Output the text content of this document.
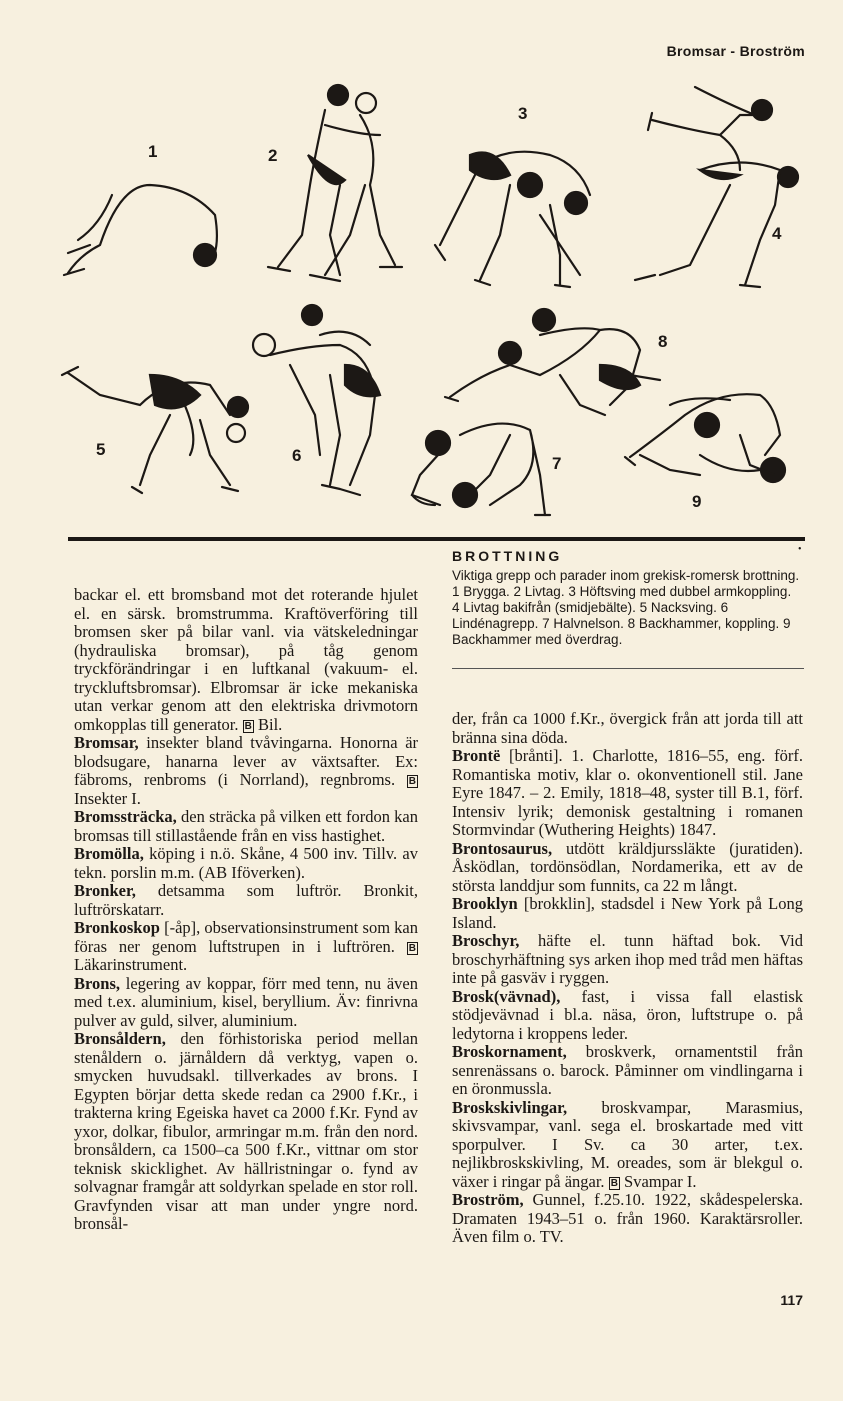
Bromsar - Broström
1	2
3
4
5	6	7
8
9
•
BROTTNING
Viktiga grepp och parader inom grekisk-romersk brottning. 1 Brygga. 2 Livtag. 3 Höftsving med dubbel armkoppling. 4 Livtag bakifrån (smidjebälte). 5 Nacksving. 6 Lindénagrepp. 7 Halvnelson. 8 Backhammer, koppling. 9 Backhammer med överdrag.

backar el. ett bromsband mot det roterande hjulet el. en särsk. bromstrumma. Kraftöverföring till bromsen sker på bilar vanl. via vätskeledningar (hydrauliska bromsar), på tåg genom tryckförändringar i en luftkanal (vakuum- el. tryckluftsbromsar). Elbromsar är icke mekaniska utan verkar genom att den elektriska drivmotorn omkopplas till generator. B Bil.

Bromsar, insekter bland tvåvingarna. Honorna är blodsugare, hanarna lever av växtsafter. Ex: fäbroms, renbroms (i Norrland), regnbroms. B Insekter I.

Bromssträcka, den sträcka på vilken ett fordon kan bromsas till stillastående från en viss hastighet.

Bromölla, köping i n.ö. Skåne, 4 500 inv. Tillv. av tekn. porslin m.m. (AB Iföverken).

Bronker, detsamma som luftrör. Bronkit, luftrörskatarr.

Bronkoskop [-åp], observationsinstrument som kan föras ner genom luftstrupen in i luftrören. B Läkarinstrument.

Brons, legering av koppar, förr med tenn, nu även med t.ex. aluminium, kisel, beryllium. Äv: finrivna pulver av guld, silver, aluminium.

Bronsåldern, den förhistoriska period mellan stenåldern o. järnåldern då verktyg, vapen o. smycken huvudsakl. tillverkades av brons. I Egypten börjar detta skede redan ca 2900 f.Kr., i trakterna kring Egeiska havet ca 2000 f.Kr. Fynd av yxor, dolkar, fibulor, armringar m.m. från den nord. bronsåldern, ca 1500–ca 500 f.Kr., vittnar om stor teknisk skicklighet. Av hällristningar o. fynd av solvagnar framgår att soldyrkan spelade en stor roll. Gravfynden visar att man under yngre nord. bronsål-

der, från ca 1000 f.Kr., övergick från att jorda till att bränna sina döda.

Brontë [brånti]. 1. Charlotte, 1816–55, eng. förf. Romantiska motiv, klar o. okonventionell stil. Jane Eyre 1847. – 2. Emily, 1818–48, syster till B.1, förf. Intensiv lyrik; demonisk gestaltning i romanen Stormvindar (Wuthering Heights) 1847.

Brontosaurus, utdött kräldjurssläkte (juratiden). Åsködlan, tordönsödlan, Nordamerika, ett av de största landdjur som funnits, ca 22 m långt.

Brooklyn [brokklin], stadsdel i New York på Long Island.

Broschyr, häfte el. tunn häftad bok. Vid broschyrhäftning sys arken ihop med tråd men häftas inte på gasväv i ryggen.

Brosk(vävnad), fast, i vissa fall elastisk stödjevävnad i bl.a. näsa, öron, luftstrupe o. på ledytorna i kroppens leder.

Broskornament, broskverk, ornamentstil från senrenässans o. barock. Påminner om vindlingarna i en öronmussla.

Broskskivlingar, broskvampar, Marasmius, skivsvampar, vanl. sega el. broskartade med vitt sporpulver. I Sv. ca 30 arter, t.ex. nejlikbroskskivling, M. oreades, som är blekgul o. växer i ringar på ängar. B Svampar I.

Broström, Gunnel, f.25.10. 1922, skådespelerska. Dramaten 1943–51 o. från 1960. Karaktärsroller. Även film o. TV.

117
